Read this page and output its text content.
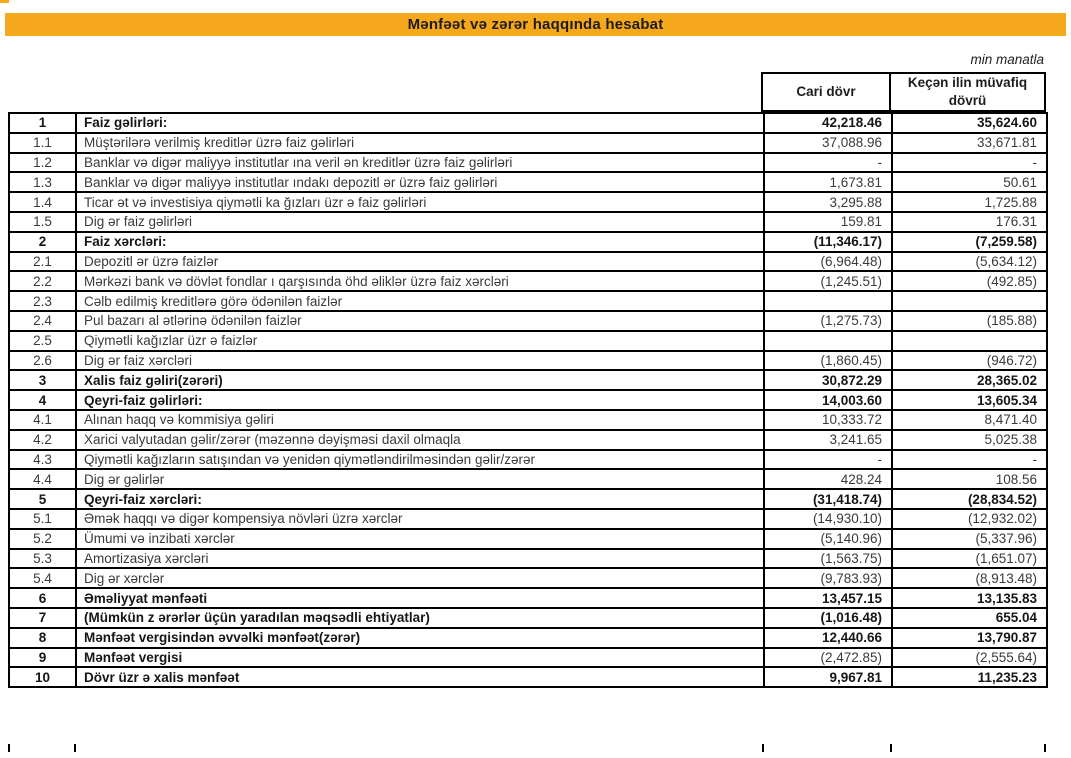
Mənfəət və zərər haqqında hesabat
min manatla
Cari dövr
Keçən ilin müvafiq dövrü
1	Faiz gəlirləri:	42,218.46	35,624.60
1.1	Müştərilərə verilmiş kreditlər üzrə faiz gəlirləri	37,088.96	33,671.81
1.2	Banklar və digər maliyyə institutlar ına veril ən kreditlər üzrə faiz gəlirləri	-	-
1.3	Banklar və digər maliyyə institutlar ındakı depozitl ər üzrə faiz gəlirləri	1,673.81	50.61
1.4	Ticar ət və investisiya qiymətli ka ğızları üzr ə faiz gəlirləri	3,295.88	1,725.88
1.5	Dig ər faiz gəlirləri	159.81	176.31
2	Faiz xərcləri:	(11,346.17)	(7,259.58)
2.1	Depozitl ər üzrə faizlər	(6,964.48)	(5,634.12)
2.2	Mərkəzi bank və dövlət fondlar ı qarşısında öhd əliklər üzrə faiz xərcləri	(1,245.51)	(492.85)
2.3	Cəlb edilmiş kreditlərə görə ödənilən faizlər		
2.4	Pul bazarı al ətlərinə ödənilən faizlər	(1,275.73)	(185.88)
2.5	Qiymətli kağızlar üzr ə faizlər		
2.6	Dig ər faiz xərcləri	(1,860.45)	(946.72)
3	Xalis faiz gəliri(zərəri)	30,872.29	28,365.02
4	Qeyri-faiz gəlirləri:	14,003.60	13,605.34
4.1	Alınan haqq və kommisiya gəliri	10,333.72	8,471.40
4.2	Xarici valyutadan gəlir/zərər (məzənnə dəyişməsi daxil olmaqla	3,241.65	5,025.38
4.3	Qiymətli kağızların satışından və yenidən qiymətləndirilməsindən gəlir/zərər	-	-
4.4	Dig ər gəlirlər	428.24	108.56
5	Qeyri-faiz xərcləri:	(31,418.74)	(28,834.52)
5.1	Əmək haqqı və digər kompensiya növləri üzrə xərclər	(14,930.10)	(12,932.02)
5.2	Ümumi və inzibati xərclər	(5,140.96)	(5,337.96)
5.3	Amortizasiya xərcləri	(1,563.75)	(1,651.07)
5.4	Dig ər xərclər	(9,783.93)	(8,913.48)
6	Əməliyyat mənfəəti	13,457.15	13,135.83
7	(Mümkün z ərərlər üçün yaradılan məqsədli ehtiyatlar)	(1,016.48)	655.04
8	Mənfəət vergisindən əvvəlki mənfəət(zərər)	12,440.66	13,790.87
9	Mənfəət vergisi	(2,472.85)	(2,555.64)
10	Dövr üzr ə xalis mənfəət	9,967.81	11,235.23
